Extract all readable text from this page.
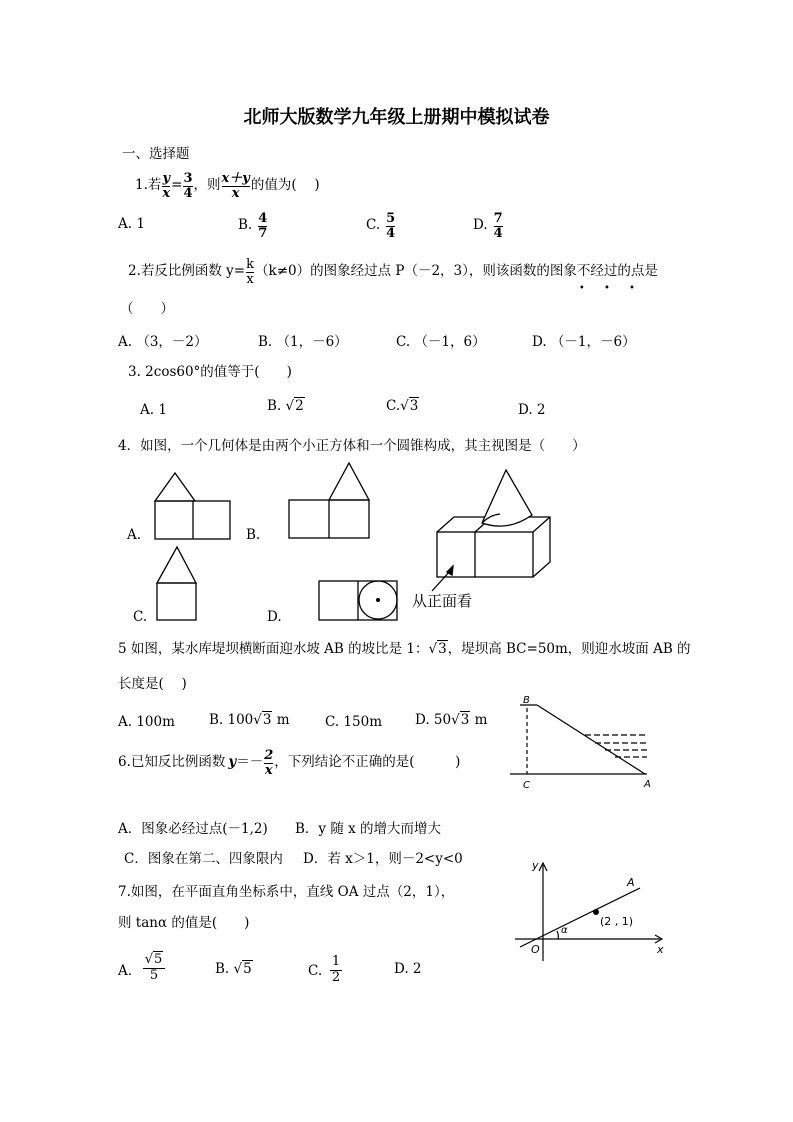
北师大版数学九年级上册期中模拟试卷
一、选择题
1.若 $\frac{y}{x} = \frac{3}{4}$ ，则 $\frac{x+y}{x}$ 的值为(　 )
A. 1	B. $\frac{4}{7}$	C. $\frac{5}{4}$	D. $\frac{7}{4}$
2.若反比例函数 $y= \frac{k}{x} (k\ne 0)$的图象经过点 P（－2，3），则该函数的图象 不经过
• • •
的点是
（　　）
A. （3，－2）	B. （1，－6）	C. （－1，6）	D. （－1，－6）
3. 2cos60°的值等于(　　)
A. 1	B. √2	C.√3	D. 2
4．如图，一个几何体是由两个小正方体和一个圆锥构成，其主视图是（　　）
A.	B.
C.	D.
从正面看
5 如图，某水库堤坝横断面迎水坡 AB 的坡比是 1：√3，堤坝高 BC=50m，则迎水坡面 AB 的
长度是(　 )
A. 100m	B. 100√3 m	C. 150m D. 50√3 m
B
C	A
6.已知反比例函数 $y =- \frac{2}{x}$ ，下列结论不正确的是(　　　)
A．图象必经过点(－1,2) B．y 随 x 的增大而增大
C．图象在第二、四象限内 D．若 x＞1，则－2<y<0
7.如图，在平面直角坐标系中，直线 OA 过点（2，1），
则 tanα 的值是(　　)
A.
√5
5	B. √5	C.
1
2
D. 2
y
x
O
A
α
(2 , 1)
